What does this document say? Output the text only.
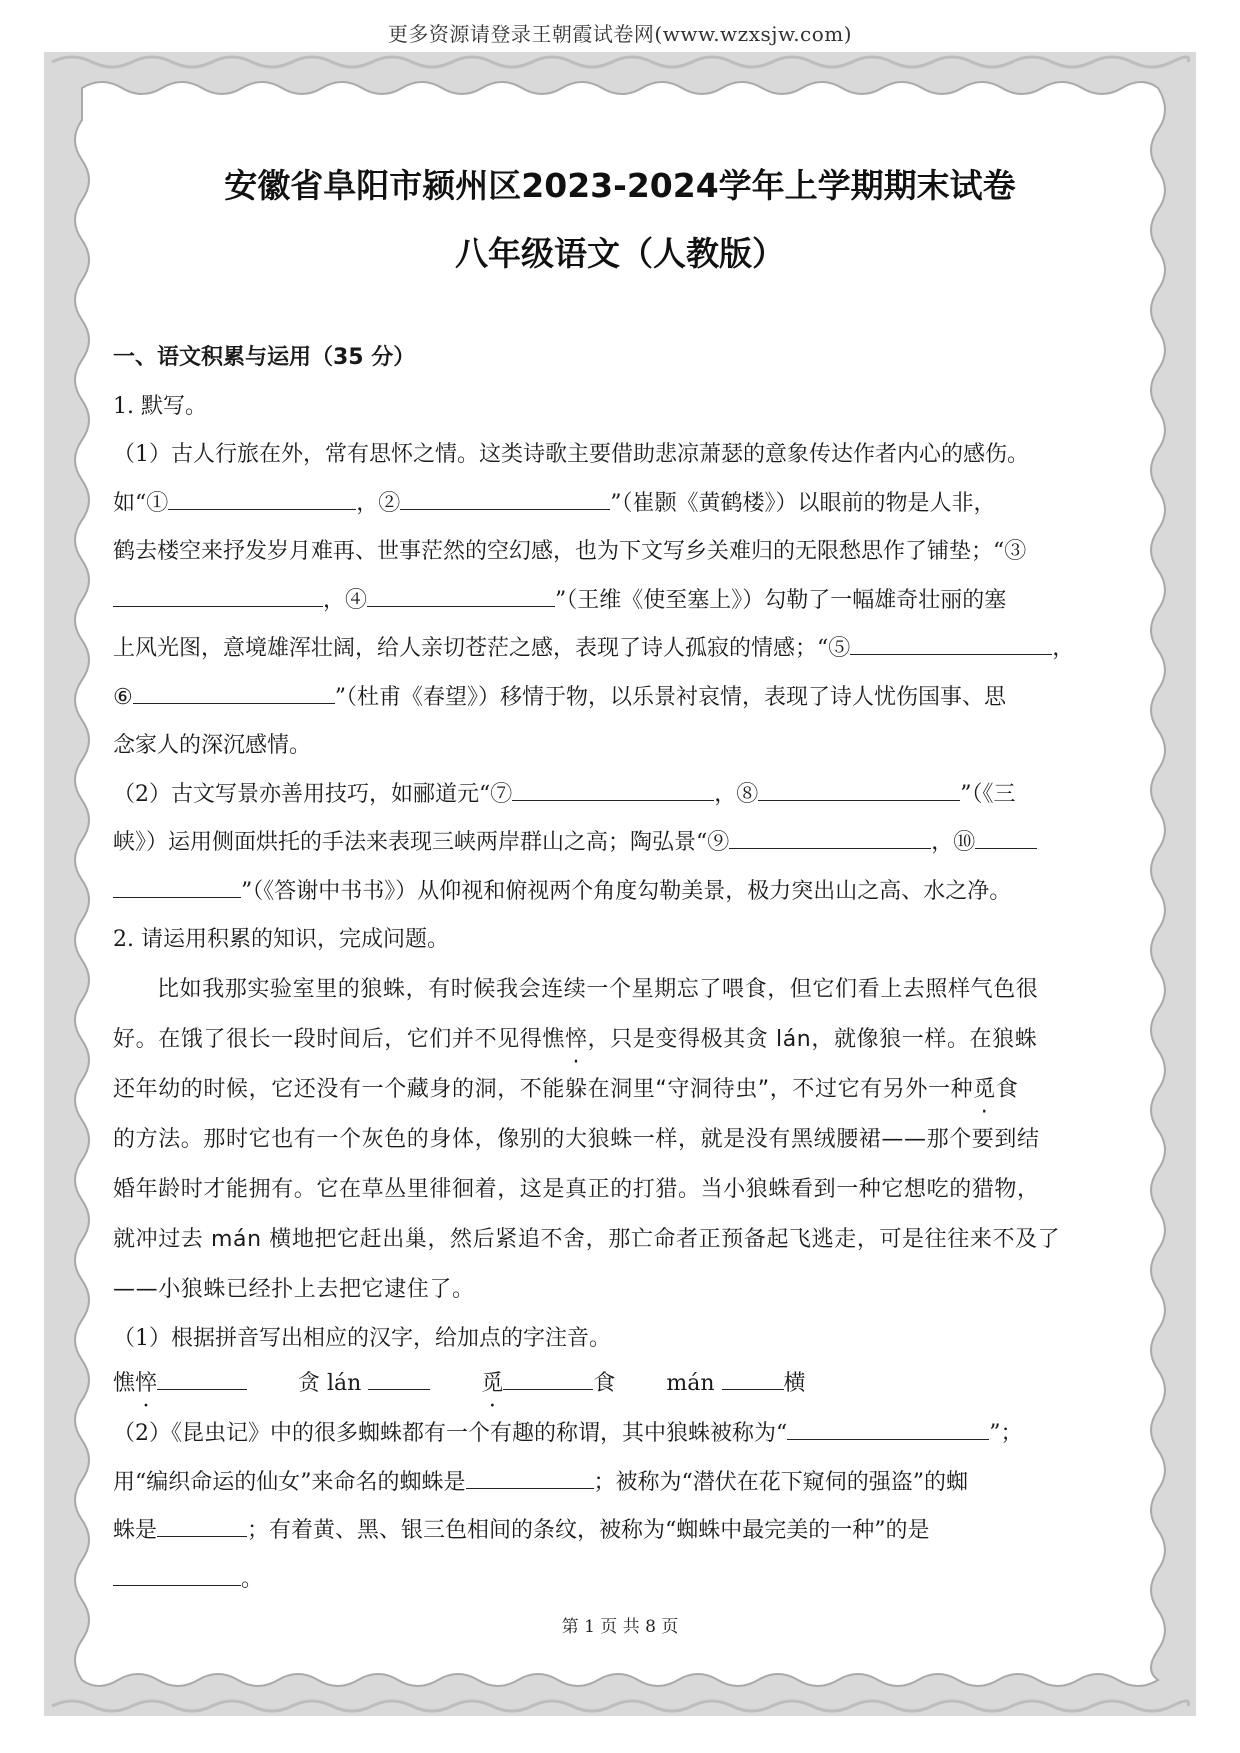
更多资源请登录王朝霞试卷网(www.wzxsjw.com)
安徽省阜阳市颍州区2023-2024学年上学期期末试卷
八年级语文（人教版）
一、语文积累与运用（35 分）
1. 默写。
（1）古人行旅在外，常有思怀之情。这类诗歌主要借助悲凉萧瑟的意象传达作者内心的感伤。
如“①	，②	”（崔颢《黄鹤楼》）以眼前的物是人非，
鹤去楼空来抒发岁月难再、世事茫然的空幻感，也为下文写乡关难归的无限愁思作了铺垫；“③
，④	”（王维《使至塞上》）勾勒了一幅雄奇壮丽的塞
上风光图，意境雄浑壮阔，给人亲切苍茫之感，表现了诗人孤寂的情感；“⑤	，
⑥	”（杜甫《春望》）移情于物，以乐景衬哀情，表现了诗人忧伤国事、思
念家人的深沉感情。
（2）古文写景亦善用技巧，如郦道元“⑦	，⑧	”（《三
峡》）运用侧面烘托的手法来表现三峡两岸群山之高；陶弘景“⑨	，⑩
”（《答谢中书书》）从仰视和俯视两个角度勾勒美景，极力突出山之高、水之净。
2. 请运用积累的知识，完成问题。
比如我那实验室里的狼蛛，有时候我会连续一个星期忘了喂食，但它们看上去照样气色很
好。在饿了很长一段时间后，它们并不见得憔悴，只是变得极其贪 lán，就像狼一样。在狼蛛
还年幼的时候，它还没有一个藏身的洞，不能躲在洞里“守洞待虫”，不过它有另外一种觅食
的方法。那时它也有一个灰色的身体，像别的大狼蛛一样，就是没有黑绒腰裙——那个要到结
婚年龄时才能拥有。它在草丛里徘徊着，这是真正的打猎。当小狼蛛看到一种它想吃的猎物，
就冲过去 mán 横地把它赶出巢，然后紧追不舍，那亡命者正预备起飞逃走，可是往往来不及了
——小狼蛛已经扑上去把它逮住了。
（1）根据拼音写出相应的汉字，给加点的字注音。
憔悴	贪 lán	觅	食 mán	横
（2）《昆虫记》中的很多蜘蛛都有一个有趣的称谓，其中狼蛛被称为“	”；
用“编织命运的仙女”来命名的蜘蛛是	；被称为“潜伏在花下窥伺的强盗”的蜘
蛛是	；有着黄、黑、银三色相间的条纹，被称为“蜘蛛中最完美的一种”的是
。
第 1 页 共 8 页
